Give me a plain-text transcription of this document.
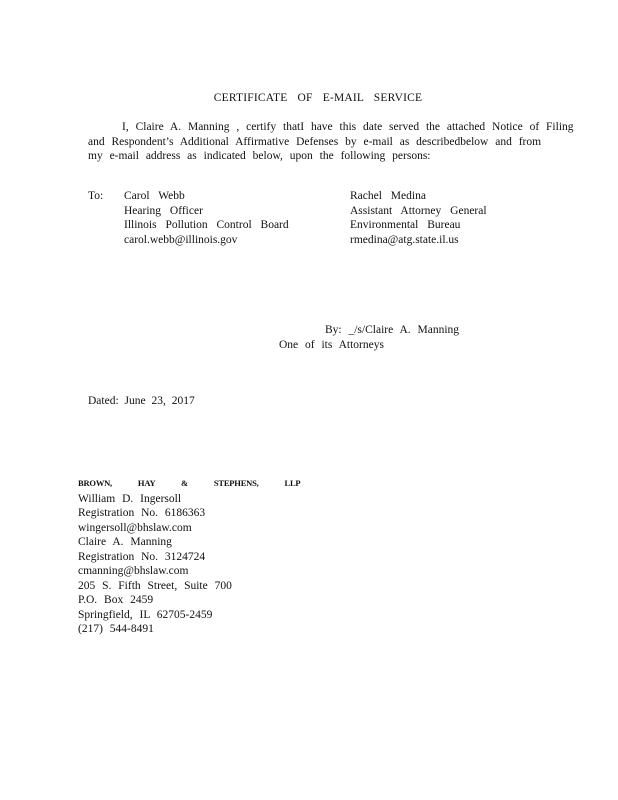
CERTIFICATE OF E-MAIL SERVICE
I, Claire A. Manning , certify thatI have this date served the attached Notice of Filing
and Respondent’s Additional Affirmative Defenses by e-mail as describedbelow and from
my e-mail address as indicated below, upon the following persons:
To: Carol Webb
Hearing Officer
Illinois Pollution Control Board
carol.webb@illinois.gov
Rachel Medina
Assistant Attorney General
Environmental Bureau
rmedina@atg.state.il.us
By: _/s/Claire A. Manning
One of its Attorneys
Dated: June 23, 2017
BROWN, HAY & STEPHENS, LLP
William D. Ingersoll
Registration No. 6186363
wingersoll@bhslaw.com
Claire A. Manning
Registration No. 3124724
cmanning@bhslaw.com
205 S. Fifth Street, Suite 700
P.O. Box 2459
Springfield, IL 62705-2459
(217) 544-8491
